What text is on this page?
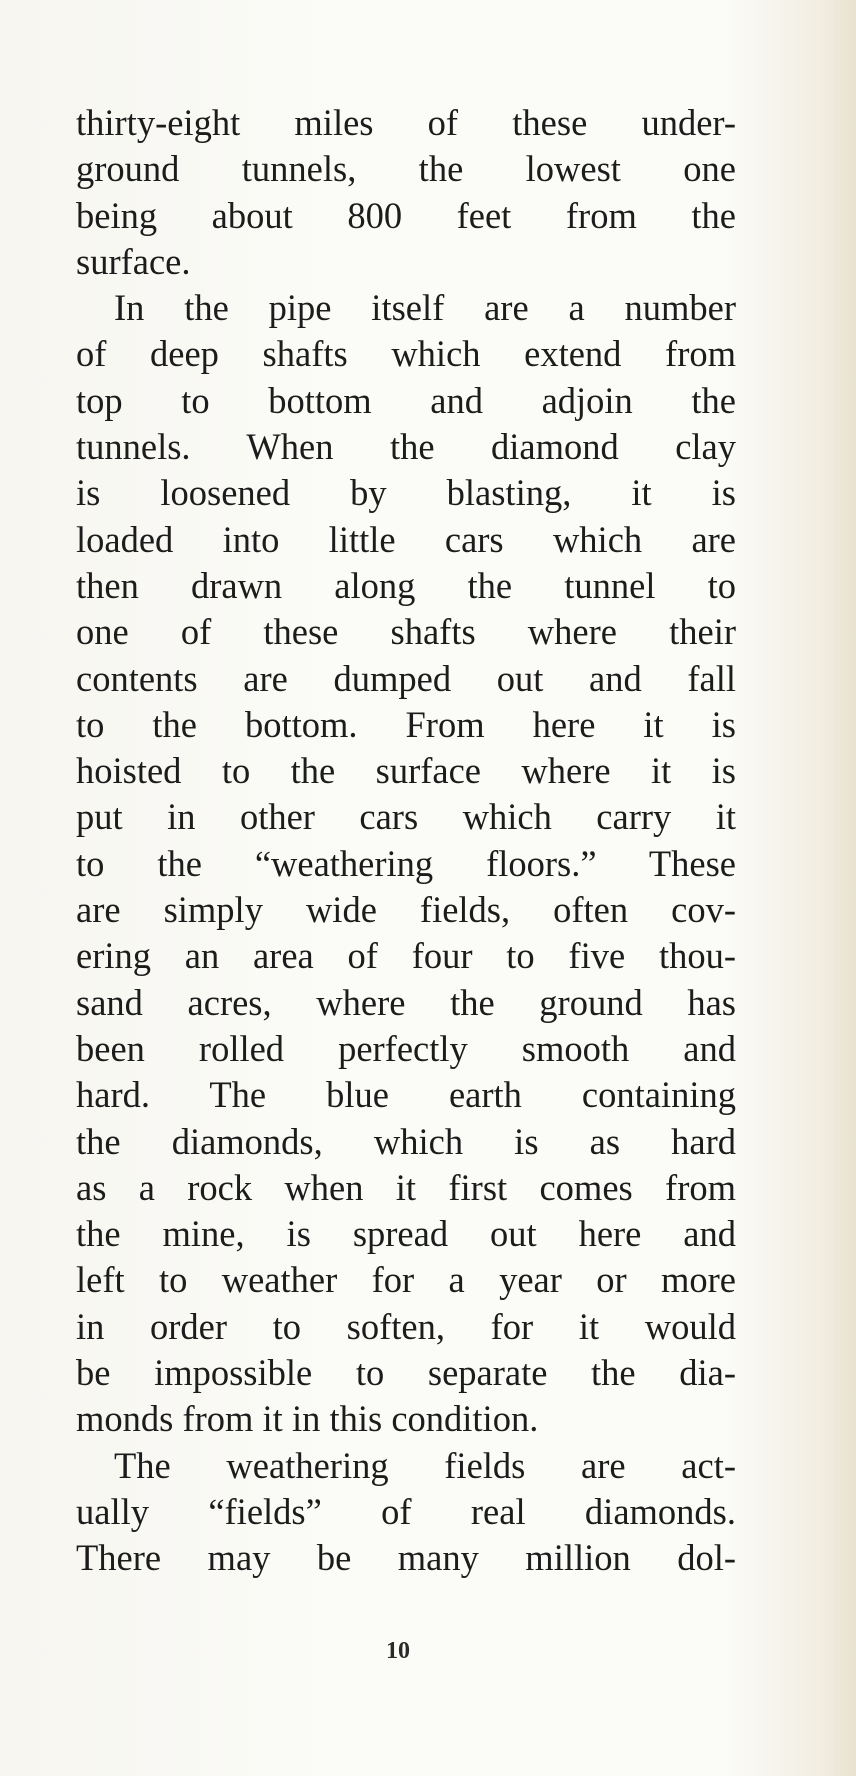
thirty-eight miles of these under-
ground tunnels, the lowest one
being about 800 feet from the
surface.
In the pipe itself are a number
of deep shafts which extend from
top to bottom and adjoin the
tunnels. When the diamond clay
is loosened by blasting, it is
loaded into little cars which are
then drawn along the tunnel to
one of these shafts where their
contents are dumped out and fall
to the bottom. From here it is
hoisted to the surface where it is
put in other cars which carry it
to the “weathering floors.” These
are simply wide fields, often cov-
ering an area of four to five thou-
sand acres, where the ground has
been rolled perfectly smooth and
hard. The blue earth containing
the diamonds, which is as hard
as a rock when it first comes from
the mine, is spread out here and
left to weather for a year or more
in order to soften, for it would
be impossible to separate the dia-
monds from it in this condition.
The weathering fields are act-
ually “fields” of real diamonds.
There may be many million dol-
10
